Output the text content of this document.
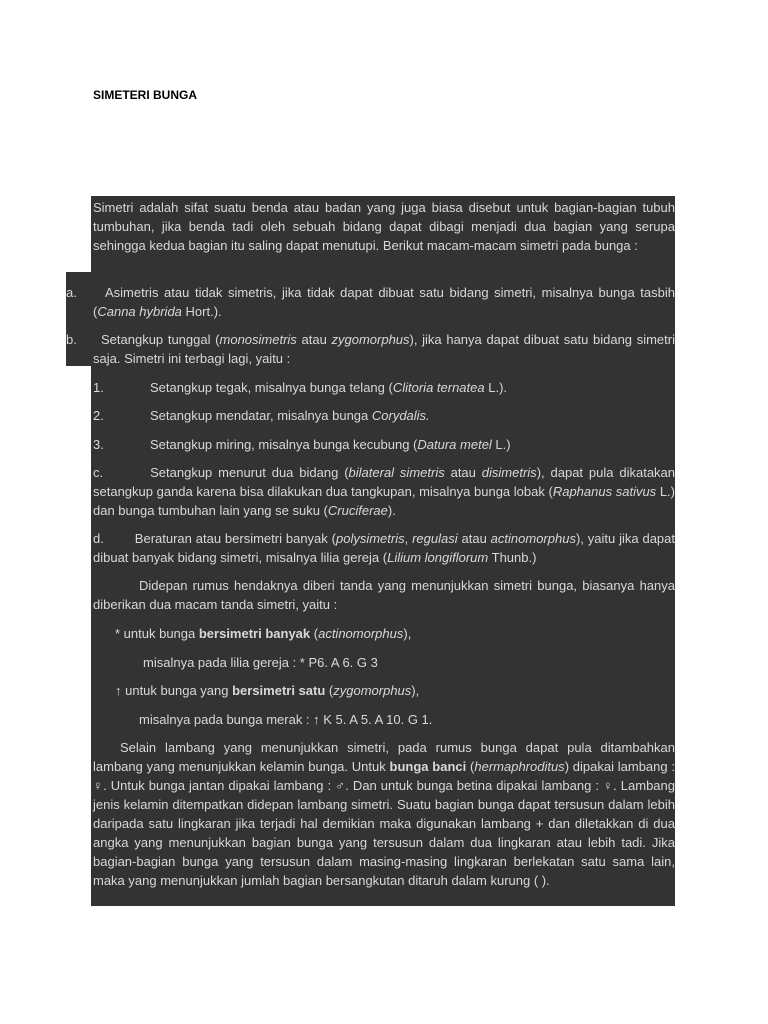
SIMETERI BUNGA

Simetri adalah sifat suatu benda atau badan yang juga biasa disebut untuk bagian-bagian tubuh tumbuhan, jika benda tadi oleh sebuah bidang dapat dibagi menjadi dua bagian yang serupa sehingga kedua bagian itu saling dapat menutupi. Berikut macam-macam simetri pada bunga :

a.	Asimetris atau tidak simetris, jika tidak dapat dibuat satu bidang simetri, misalnya bunga tasbih (Canna hybrida Hort.).

b.	Setangkup tunggal (monosimetris atau zygomorphus), jika hanya dapat dibuat satu bidang simetri saja. Simetri ini terbagi lagi, yaitu :

1.	Setangkup tegak, misalnya bunga telang (Clitoria ternatea L.).

2.	Setangkup mendatar, misalnya bunga Corydalis.

3.	Setangkup miring, misalnya bunga kecubung (Datura metel L.)

c.	Setangkup menurut dua bidang (bilateral simetris atau disimetris), dapat pula dikatakan setangkup ganda karena bisa dilakukan dua tangkupan, misalnya bunga lobak (Raphanus sativus L.) dan bunga tumbuhan lain yang se suku (Cruciferae).

d. Beraturan atau bersimetri banyak (polysimetris, regulasi atau actinomorphus), yaitu jika dapat dibuat banyak bidang simetri, misalnya lilia gereja (Lilium longiflorum Thunb.)

Didepan rumus hendaknya diberi tanda yang menunjukkan simetri bunga, biasanya hanya diberikan dua macam tanda simetri, yaitu :

* untuk bunga bersimetri banyak (actinomorphus),

misalnya pada lilia gereja : * P6. A 6. G 3

↑ untuk bunga yang bersimetri satu (zygomorphus),

misalnya pada bunga merak : ↑ K 5. A 5. A 10. G 1.

Selain lambang yang menunjukkan simetri, pada rumus bunga dapat pula ditambahkan lambang yang menunjukkan kelamin bunga. Untuk bunga banci (hermaphroditus) dipakai lambang : ♀. Untuk bunga jantan dipakai lambang : ♂. Dan untuk bunga betina dipakai lambang : ♀. Lambang jenis kelamin ditempatkan didepan lambang simetri. Suatu bagian bunga dapat tersusun dalam lebih daripada satu lingkaran jika terjadi hal demikian maka digunakan lambang + dan diletakkan di dua angka yang menunjukkan bagian bunga yang tersusun dalam dua lingkaran atau lebih tadi. Jika bagian-bagian bunga yang tersusun dalam masing-masing lingkaran berlekatan satu sama lain, maka yang menunjukkan jumlah bagian bersangkutan ditaruh dalam kurung ( ).
